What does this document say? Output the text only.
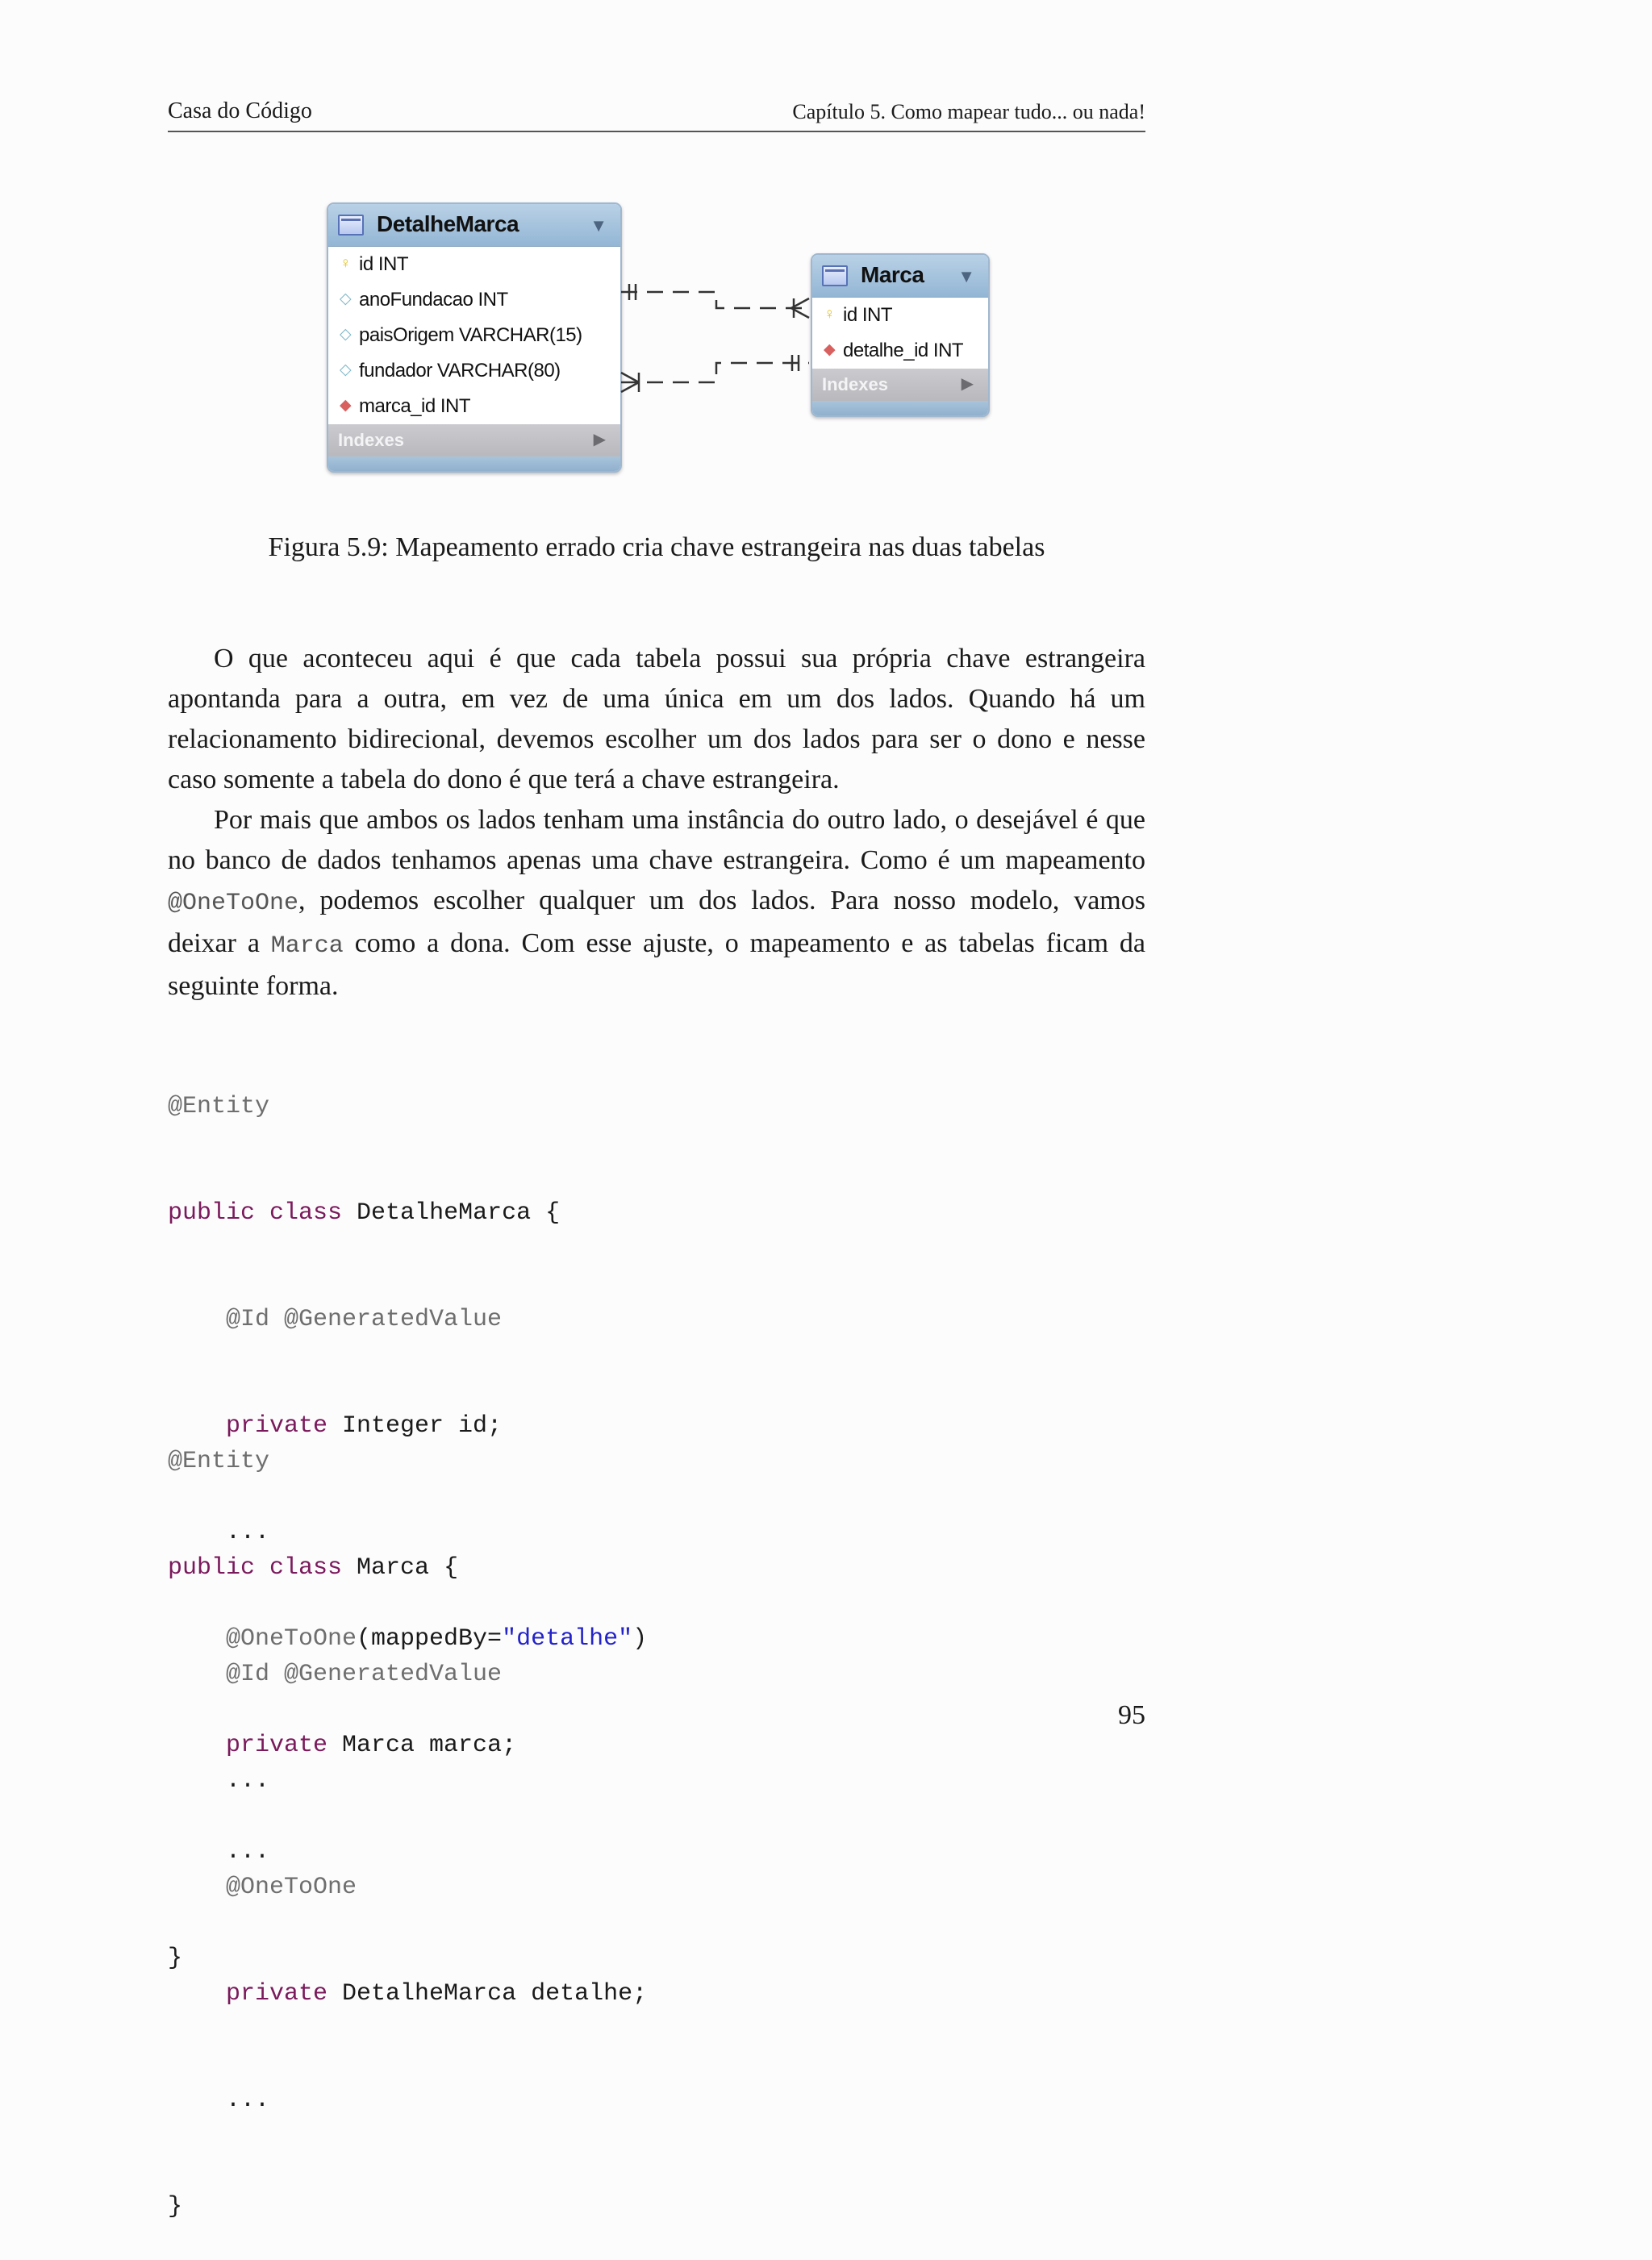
Casa do Código	Capítulo 5. Como mapear tudo... ou nada!
DetalheMarca	▼
♀ id INT
◇ anoFundacao INT
◇ paisOrigem VARCHAR(15)
◇ fundador VARCHAR(80)
◆ marca_id INT
Indexes	▶
Marca ▼
♀ id INT
◆ detalhe_id INT
Indexes	▶
Figura 5.9: Mapeamento errado cria chave estrangeira nas duas tabelas

O que aconteceu aqui é que cada tabela possui sua própria chave estrangeira apontanda para a outra, em vez de uma única em um dos lados. Quando há um relacionamento bidirecional, devemos escolher um dos lados para ser o dono e nesse caso somente a tabela do dono é que terá a chave estrangeira.

Por mais que ambos os lados tenham uma instância do outro lado, o desejável é que no banco de dados tenhamos apenas uma chave estrangeira. Como é um mapeamento @OneToOne, podemos escolher qualquer um dos lados. Para nosso modelo, vamos deixar a Marca como a dona. Com esse ajuste, o mapeamento e as tabelas ficam da seguinte forma.

@Entity

public class DetalheMarca {

@Id @GeneratedValue

private Integer id;

...

@OneToOne(mappedBy="detalhe")

private Marca marca;

...

}

@Entity

public class Marca {

@Id @GeneratedValue

...

@OneToOne

private DetalheMarca detalhe;

...

}

95
